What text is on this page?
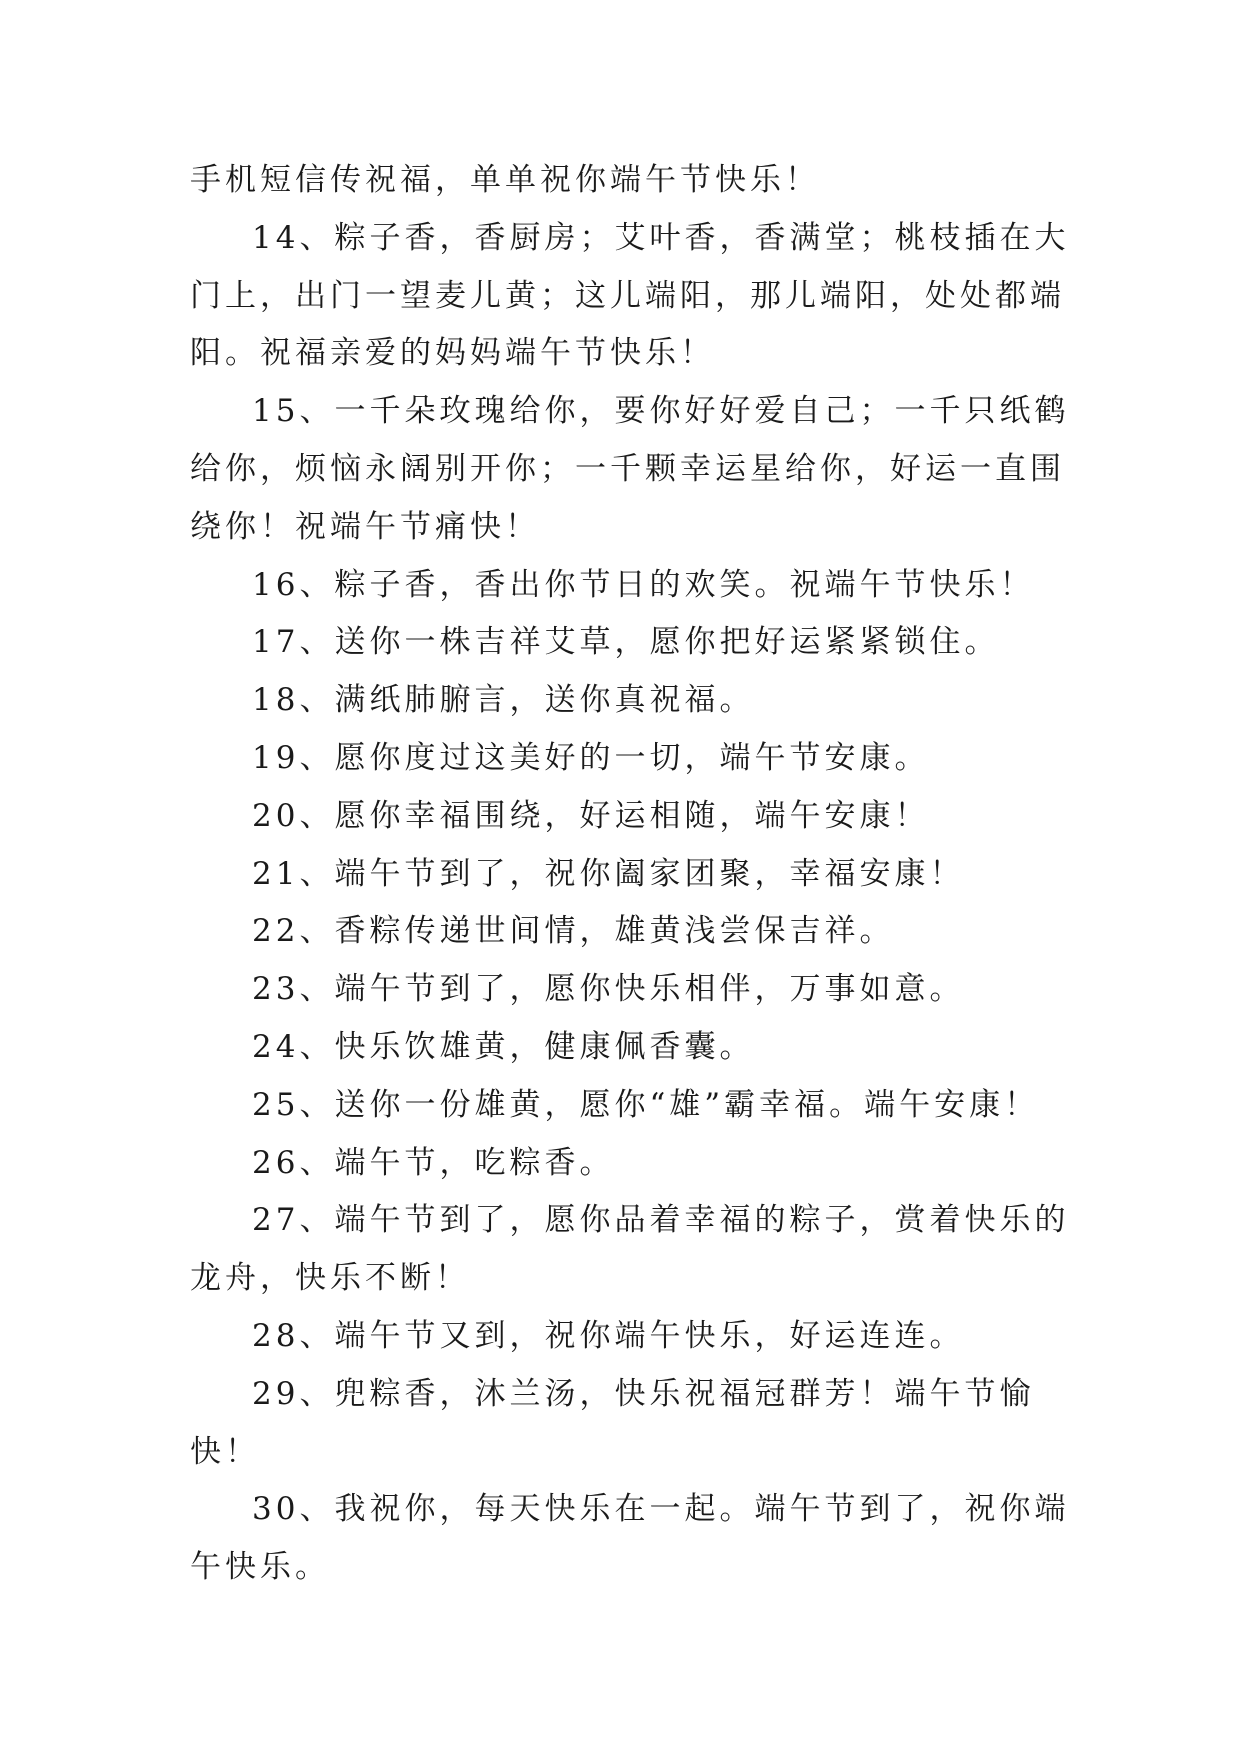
手机短信传祝福，单单祝你端午节快乐！

14、粽子香，香厨房；艾叶香，香满堂；桃枝插在大门上，出门一望麦儿黄；这儿端阳，那儿端阳，处处都端阳。祝福亲爱的妈妈端午节快乐！

15、一千朵玫瑰给你，要你好好爱自己；一千只纸鹤给你，烦恼永阔别开你；一千颗幸运星给你，好运一直围绕你！祝端午节痛快！

16、粽子香，香出你节日的欢笑。祝端午节快乐！

17、送你一株吉祥艾草，愿你把好运紧紧锁住。

18、满纸肺腑言，送你真祝福。

19、愿你度过这美好的一切，端午节安康。

20、愿你幸福围绕，好运相随，端午安康！

21、端午节到了，祝你阖家团聚，幸福安康！

22、香粽传递世间情，雄黄浅尝保吉祥。

23、端午节到了，愿你快乐相伴，万事如意。

24、快乐饮雄黄，健康佩香囊。

25、送你一份雄黄，愿你“雄”霸幸福。端午安康！

26、端午节，吃粽香。

27、端午节到了，愿你品着幸福的粽子，赏着快乐的龙舟，快乐不断！

28、端午节又到，祝你端午快乐，好运连连。

29、兜粽香，沐兰汤，快乐祝福冠群芳！端午节愉快！

30、我祝你，每天快乐在一起。端午节到了，祝你端午快乐。
